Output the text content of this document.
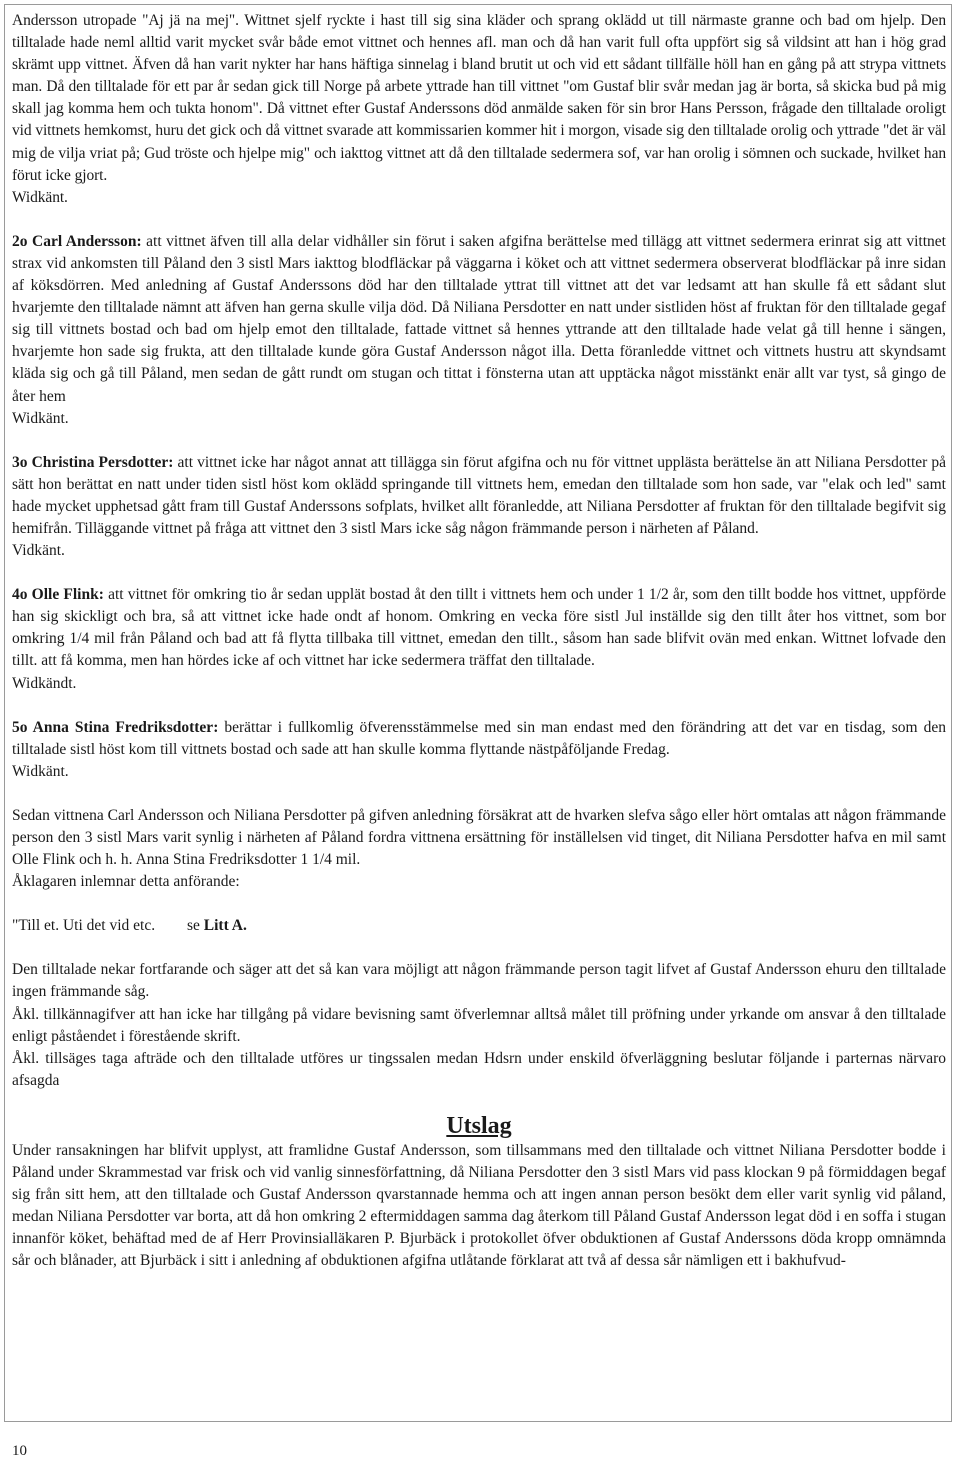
Andersson utropade "Aj jä na mej". Wittnet sjelf ryckte i hast till sig sina kläder och sprang oklädd ut till närmaste granne och bad om hjelp. Den tilltalade hade neml alltid varit mycket svår både emot vittnet och hennes afl. man och då han varit full ofta uppfört sig så vildsint att han i hög grad skrämt upp vittnet. Äfven då han varit nykter har hans häftiga sinnelag i bland brutit ut och vid ett sådant tillfälle höll han en gång på att strypa vittnets man. Då den tilltalade för ett par år sedan gick till Norge på arbete yttrade han till vittnet "om Gustaf blir svår medan jag är borta, så skicka bud på mig skall jag komma hem och tukta honom". Då vittnet efter Gustaf Anderssons död anmälde saken för sin bror Hans Persson, frågade den tilltalade oroligt vid vittnets hemkomst, huru det gick och då vittnet svarade att kommissarien kommer hit i morgon, visade sig den tilltalade orolig och yttrade "det är väl mig de vilja vriat på; Gud tröste och hjelpe mig" och iakttog vittnet att då den tilltalade sedermera sof, var han orolig i sömnen och suckade, hvilket han förut icke gjort.
Widkänt.

2o Carl Andersson: att vittnet äfven till alla delar vidhåller sin förut i saken afgifna berättelse med tillägg att vittnet sedermera erinrat sig att vittnet strax vid ankomsten till Påland den 3 sistl Mars iakttog blodfläckar på väggarna i köket och att vittnet sedermera observerat blodfläckar på inre sidan af köksdörren. Med anledning af Gustaf Anderssons död har den tilltalade yttrat till vittnet att det var ledsamt att han skulle få ett sådant slut hvarjemte den tilltalade nämnt att äfven han gerna skulle vilja död. Då Niliana Persdotter en natt under sistliden höst af fruktan för den tilltalade gegaf sig till vittnets bostad och bad om hjelp emot den tilltalade, fattade vittnet så hennes yttrande att den tilltalade hade velat gå till henne i sängen, hvarjemte hon sade sig frukta, att den tilltalade kunde göra Gustaf Andersson något illa. Detta föranledde vittnet och vittnets hustru att skyndsamt kläda sig och gå till Påland, men sedan de gått rundt om stugan och tittat i fönsterna utan att upptäcka något misstänkt enär allt var tyst, så gingo de åter hem
Widkänt.

3o Christina Persdotter: att vittnet icke har något annat att tillägga sin förut afgifna och nu för vittnet upplästa berättelse än att Niliana Persdotter på sätt hon berättat en natt under tiden sistl höst kom oklädd springande till vittnets hem, emedan den tilltalade som hon sade, var "elak och led" samt hade mycket upphetsad gått fram till Gustaf Anderssons sofplats, hvilket allt föranledde, att Niliana Persdotter af fruktan för den tilltalade begifvit sig hemifrån. Tilläggande vittnet på fråga att vittnet den 3 sistl Mars icke såg någon främmande person i närheten af Påland.
Vidkänt.

4o Olle Flink: att vittnet för omkring tio år sedan upplät bostad åt den tillt i vittnets hem och under 1 1/2 år, som den tillt bodde hos vittnet, uppförde han sig skickligt och bra, så att vittnet icke hade ondt af honom. Omkring en vecka före sistl Jul inställde sig den tillt åter hos vittnet, som bor omkring 1/4 mil från Påland och bad att få flytta tillbaka till vittnet, emedan den tillt., såsom han sade blifvit ovän med enkan. Wittnet lofvade den tillt. att få komma, men han hördes icke af och vittnet har icke sedermera träffat den tilltalade.
Widkändt.

5o Anna Stina Fredriksdotter: berättar i fullkomlig öfverensstämmelse med sin man endast med den förändring att det var en tisdag, som den tilltalade sistl höst kom till vittnets bostad och sade att han skulle komma flyttande nästpåföljande Fredag.
Widkänt.

Sedan vittnena Carl Andersson och Niliana Persdotter på gifven anledning försäkrat att de hvarken slefva sågo eller hört omtalas att någon främmande person den 3 sistl Mars varit synlig i närheten af Påland fordra vittnena ersättning för inställelsen vid tinget, dit Niliana Persdotter hafva en mil samt Olle Flink och h. h. Anna Stina Fredriksdotter 1 1/4 mil.
Åklagaren inlemnar detta anförande:

"Till et. Uti det vid etc. se Litt A.

Den tilltalade nekar fortfarande och säger att det så kan vara möjligt att någon främmande person tagit lifvet af Gustaf Andersson ehuru den tilltalade ingen främmande såg.
Åkl. tillkännagifver att han icke har tillgång på vidare bevisning samt öfverlemnar alltså målet till pröfning under yrkande om ansvar å den tilltalade enligt påståendet i förestående skrift.
Åkl. tillsäges taga afträde och den tilltalade utföres ur tingssalen medan Hdsrn under enskild öfverläggning beslutar följande i parternas närvaro afsagda

Utslag

Under ransakningen har blifvit upplyst, att framlidne Gustaf Andersson, som tillsammans med den tilltalade och vittnet Niliana Persdotter bodde i Påland under Skrammestad var frisk och vid vanlig sinnesförfattning, då Niliana Persdotter den 3 sistl Mars vid pass klockan 9 på förmiddagen begaf sig från sitt hem, att den tilltalade och Gustaf Andersson qvarstannade hemma och att ingen annan person besökt dem eller varit synlig vid påland, medan Niliana Persdotter var borta, att då hon omkring 2 eftermiddagen samma dag återkom till Påland Gustaf Andersson legat död i en soffa i stugan innanför köket, behäftad med de af Herr Provinsialläkaren P. Bjurbäck i protokollet öfver obduktionen af Gustaf Anderssons döda kropp omnämnda sår och blånader, att Bjurbäck i sitt i anledning af obduktionen afgifna utlåtande förklarat att två af dessa sår nämligen ett i bakhufvud-

10
